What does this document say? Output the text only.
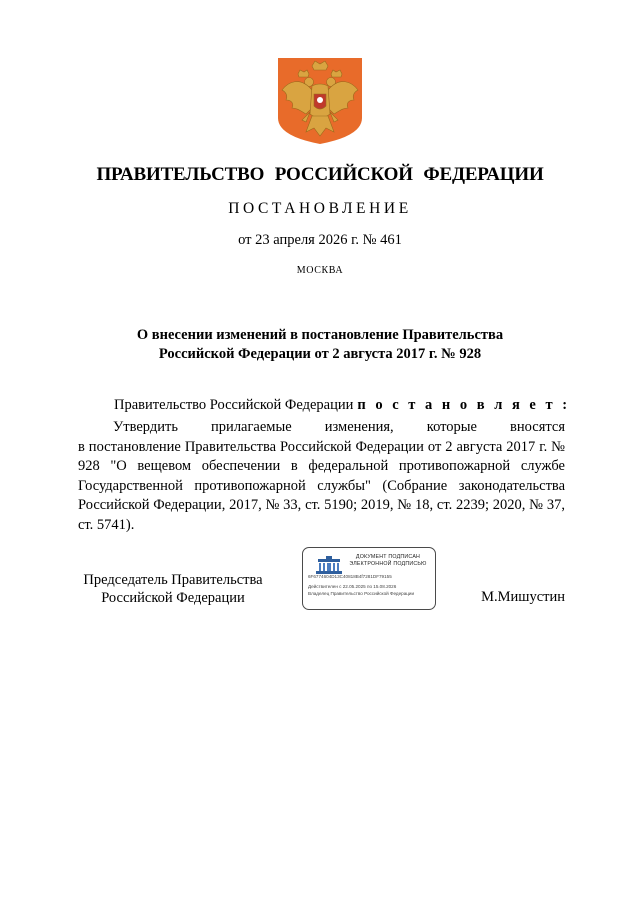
ПРАВИТЕЛЬСТВО РОССИЙСКОЙ ФЕДЕРАЦИИ
ПОСТАНОВЛЕНИЕ
от 23 апреля 2026 г. № 461
МОСКВА
О внесении изменений в постановление Правительства
Российской Федерации от 2 августа 2017 г. № 928
Правительство Российской Федерации п о с т а н о в л я е т :

Утвердить прилагаемые изменения, которые вносятся

в постановление Правительства Российской Федерации от 2 августа 2017 г. № 928 "О вещевом обеспечении в федеральной противопожарной службе Государственной противопожарной службы" (Собрание законодательства Российской Федерации, 2017, № 33, ст. 5190; 2019, № 18, ст. 2239; 2020, № 37, ст. 5741).

Председатель Правительства
Российской Федерации
ДОКУМЕНТ ПОДПИСАН
ЭЛЕКТРОННОЙ ПОДПИСЬЮ
6F6774604D13C40818B4f7281DF79155
Действителен с 22.05.2025 по 15.08.2026
Владелец Правительство Российской Федерации	М.Мишустин
